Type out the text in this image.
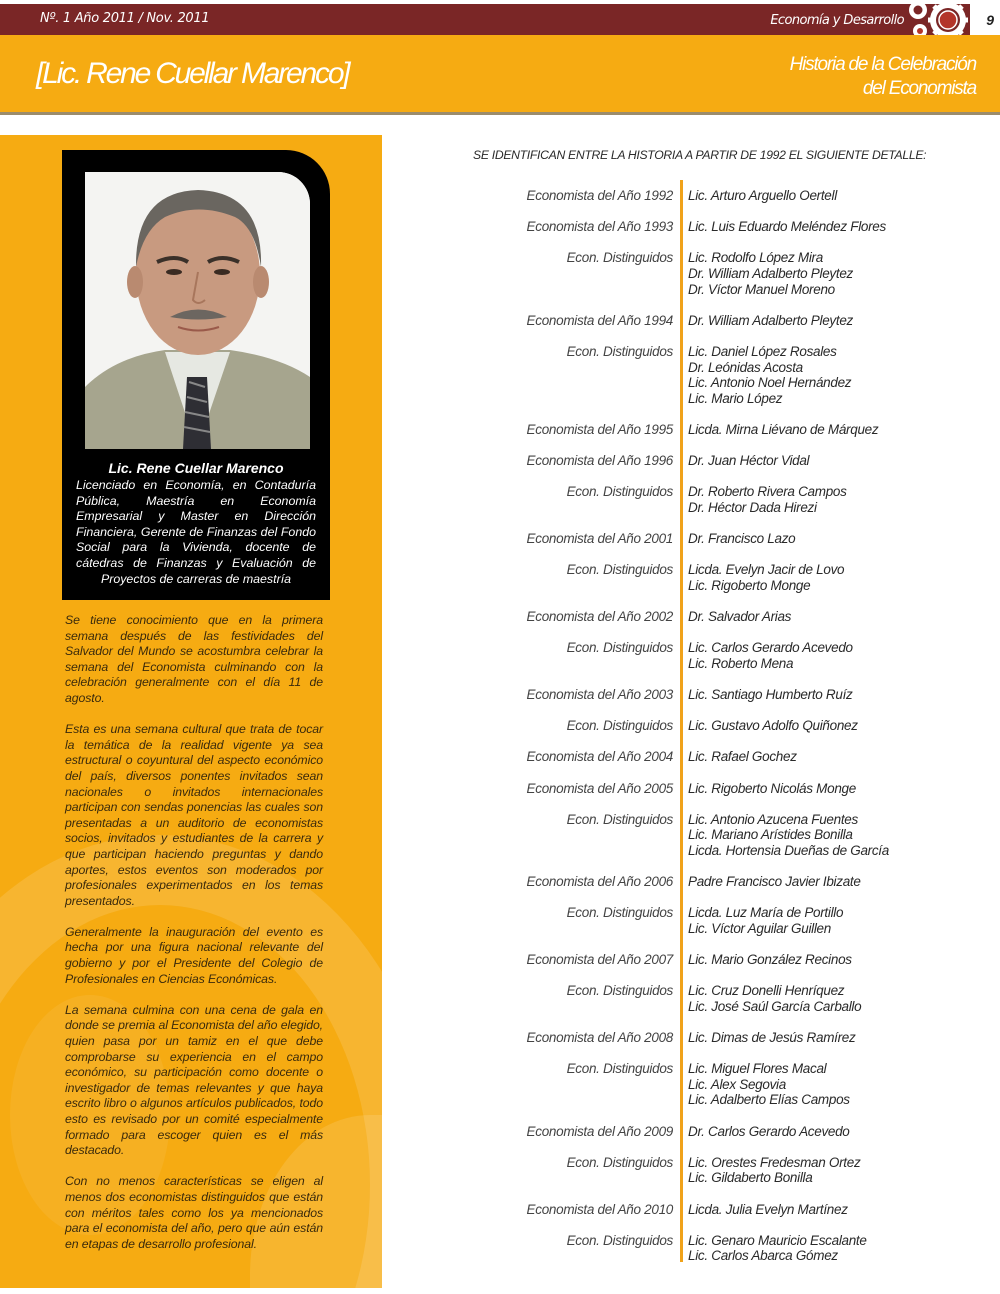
Nº. 1 Año 2011 / Nov. 2011	Economía y Desarrollo	9
[Lic. Rene Cuellar Marenco]	Historia de la Celebración
del Economista
Lic. Rene Cuellar Marenco
Licenciado en Economía, en Contaduría Pública, Maestría en Economía Empresarial y Master en Dirección Financiera, Gerente de Finanzas del Fondo Social para la Vivienda, docente de cátedras de Finanzas y Evaluación de Proyectos de carreras de maestría

Se tiene conocimiento que en la primera semana después de las festividades del Salvador del Mundo se acostumbra celebrar la semana del Economista culminando con la celebración generalmente con el día 11 de agosto.

Esta es una semana cultural que trata de tocar la temática de la realidad vigente ya sea estructural o coyuntural del aspecto económico del país, diversos ponentes invitados sean nacionales o invitados internacionales participan con sendas ponencias las cuales son presentadas a un auditorio de economistas socios, invitados y estudiantes de la carrera y que participan haciendo preguntas y dando aportes, estos eventos son moderados por profesionales experimentados en los temas presentados.

Generalmente la inauguración del evento es hecha por una figura nacional relevante del gobierno y por el Presidente del Colegio de Profesionales en Ciencias Económicas.

La semana culmina con una cena de gala en donde se premia al Economista del año elegido, quien pasa por un tamiz en el que debe comprobarse su experiencia en el campo económico, su participación como docente o investigador de temas relevantes y que haya escrito libro o algunos artículos publicados, todo esto es revisado por un comité especialmente formado para escoger quien es el más destacado.

Con no menos características se eligen al menos dos economistas distinguidos que están con méritos tales como los ya mencionados para el economista del año, pero que aún están en etapas de desarrollo profesional.

SE IDENTIFICAN ENTRE LA HISTORIA A PARTIR DE 1992 EL SIGUIENTE DETALLE:
Economista del Año 1992 Lic. Arturo Arguello Oertell
Economista del Año 1993 Lic. Luis Eduardo Meléndez Flores
Econ. Distinguidos Lic. Rodolfo López Mira
Dr. William Adalberto Pleytez
Dr. Víctor Manuel Moreno
Economista del Año 1994 Dr. William Adalberto Pleytez
Econ. Distinguidos Lic. Daniel López Rosales
Dr. Leónidas Acosta
Lic. Antonio Noel Hernández
Lic. Mario López
Economista del Año 1995 Licda. Mirna Liévano de Márquez
Economista del Año 1996 Dr. Juan Héctor Vidal
Econ. Distinguidos Dr. Roberto Rivera Campos
Dr. Héctor Dada Hirezi
Economista del Año 2001 Dr. Francisco Lazo
Econ. Distinguidos Licda. Evelyn Jacir de Lovo
Lic. Rigoberto Monge
Economista del Año 2002 Dr. Salvador Arias
Econ. Distinguidos Lic. Carlos Gerardo Acevedo
Lic. Roberto Mena
Economista del Año 2003 Lic. Santiago Humberto Ruíz
Econ. Distinguidos Lic. Gustavo Adolfo Quiñonez
Economista del Año 2004 Lic. Rafael Gochez
Economista del Año 2005 Lic. Rigoberto Nicolás Monge
Econ. Distinguidos Lic. Antonio Azucena Fuentes
Lic. Mariano Arístides Bonilla
Licda. Hortensia Dueñas de García
Economista del Año 2006 Padre Francisco Javier Ibizate
Econ. Distinguidos Licda. Luz María de Portillo
Lic. Víctor Aguilar Guillen
Economista del Año 2007 Lic. Mario González Recinos
Econ. Distinguidos Lic. Cruz Donelli Henríquez
Lic. José Saúl García Carballo
Economista del Año 2008 Lic. Dimas de Jesús Ramírez
Econ. Distinguidos Lic. Miguel Flores Macal
Lic. Alex Segovia
Lic. Adalberto Elías Campos
Economista del Año 2009 Dr. Carlos Gerardo Acevedo
Econ. Distinguidos Lic. Orestes Fredesman Ortez
Lic. Gildaberto Bonilla
Economista del Año 2010 Licda. Julia Evelyn Martínez
Econ. Distinguidos Lic. Genaro Mauricio Escalante
Lic. Carlos Abarca Gómez
